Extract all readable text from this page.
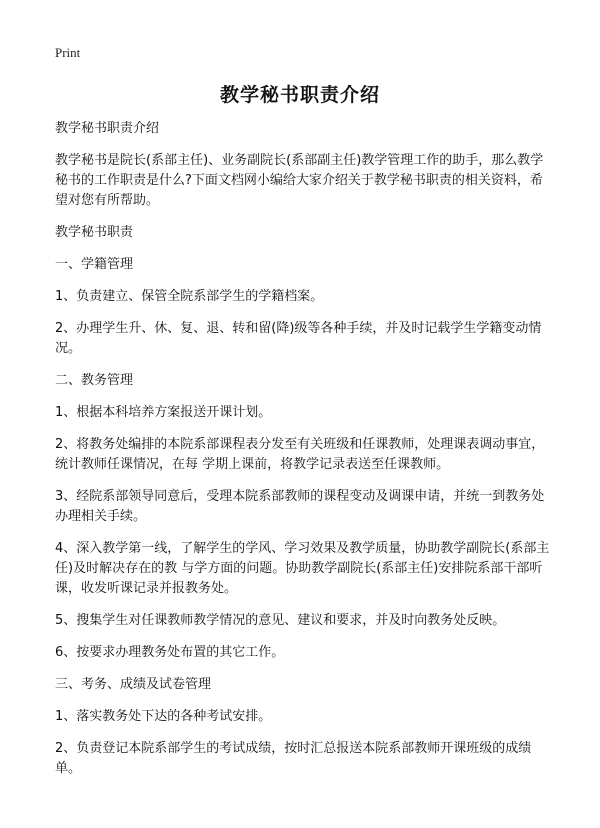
Print
教学秘书职责介绍

教学秘书职责介绍

教学秘书是院长(系部主任)、业务副院长(系部副主任)教学管理工作的助手，那么教学秘书的工作职责是什么?下面文档网小编给大家介绍关于教学秘书职责的相关资料，希望对您有所帮助。

教学秘书职责

一、学籍管理

1、负责建立、保管全院系部学生的学籍档案。

2、办理学生升、休、复、退、转和留(降)级等各种手续，并及时记载学生学籍变动情况。

二、教务管理

1、根据本科培养方案报送开课计划。

2、将教务处编排的本院系部课程表分发至有关班级和任课教师，处理课表调动事宜，统计教师任课情况，在每 学期上课前，将教学记录表送至任课教师。

3、经院系部领导同意后，受理本院系部教师的课程变动及调课申请，并统一到教务处办理相关手续。

4、深入教学第一线，了解学生的学风、学习效果及教学质量，协助教学副院长(系部主任)及时解决存在的教 与学方面的问题。协助教学副院长(系部主任)安排院系部干部听课，收发听课记录并报教务处。

5、搜集学生对任课教师教学情况的意见、建议和要求，并及时向教务处反映。

6、按要求办理教务处布置的其它工作。

三、考务、成绩及试卷管理

1、落实教务处下达的各种考试安排。

2、负责登记本院系部学生的考试成绩，按时汇总报送本院系部教师开课班级的成绩单。
